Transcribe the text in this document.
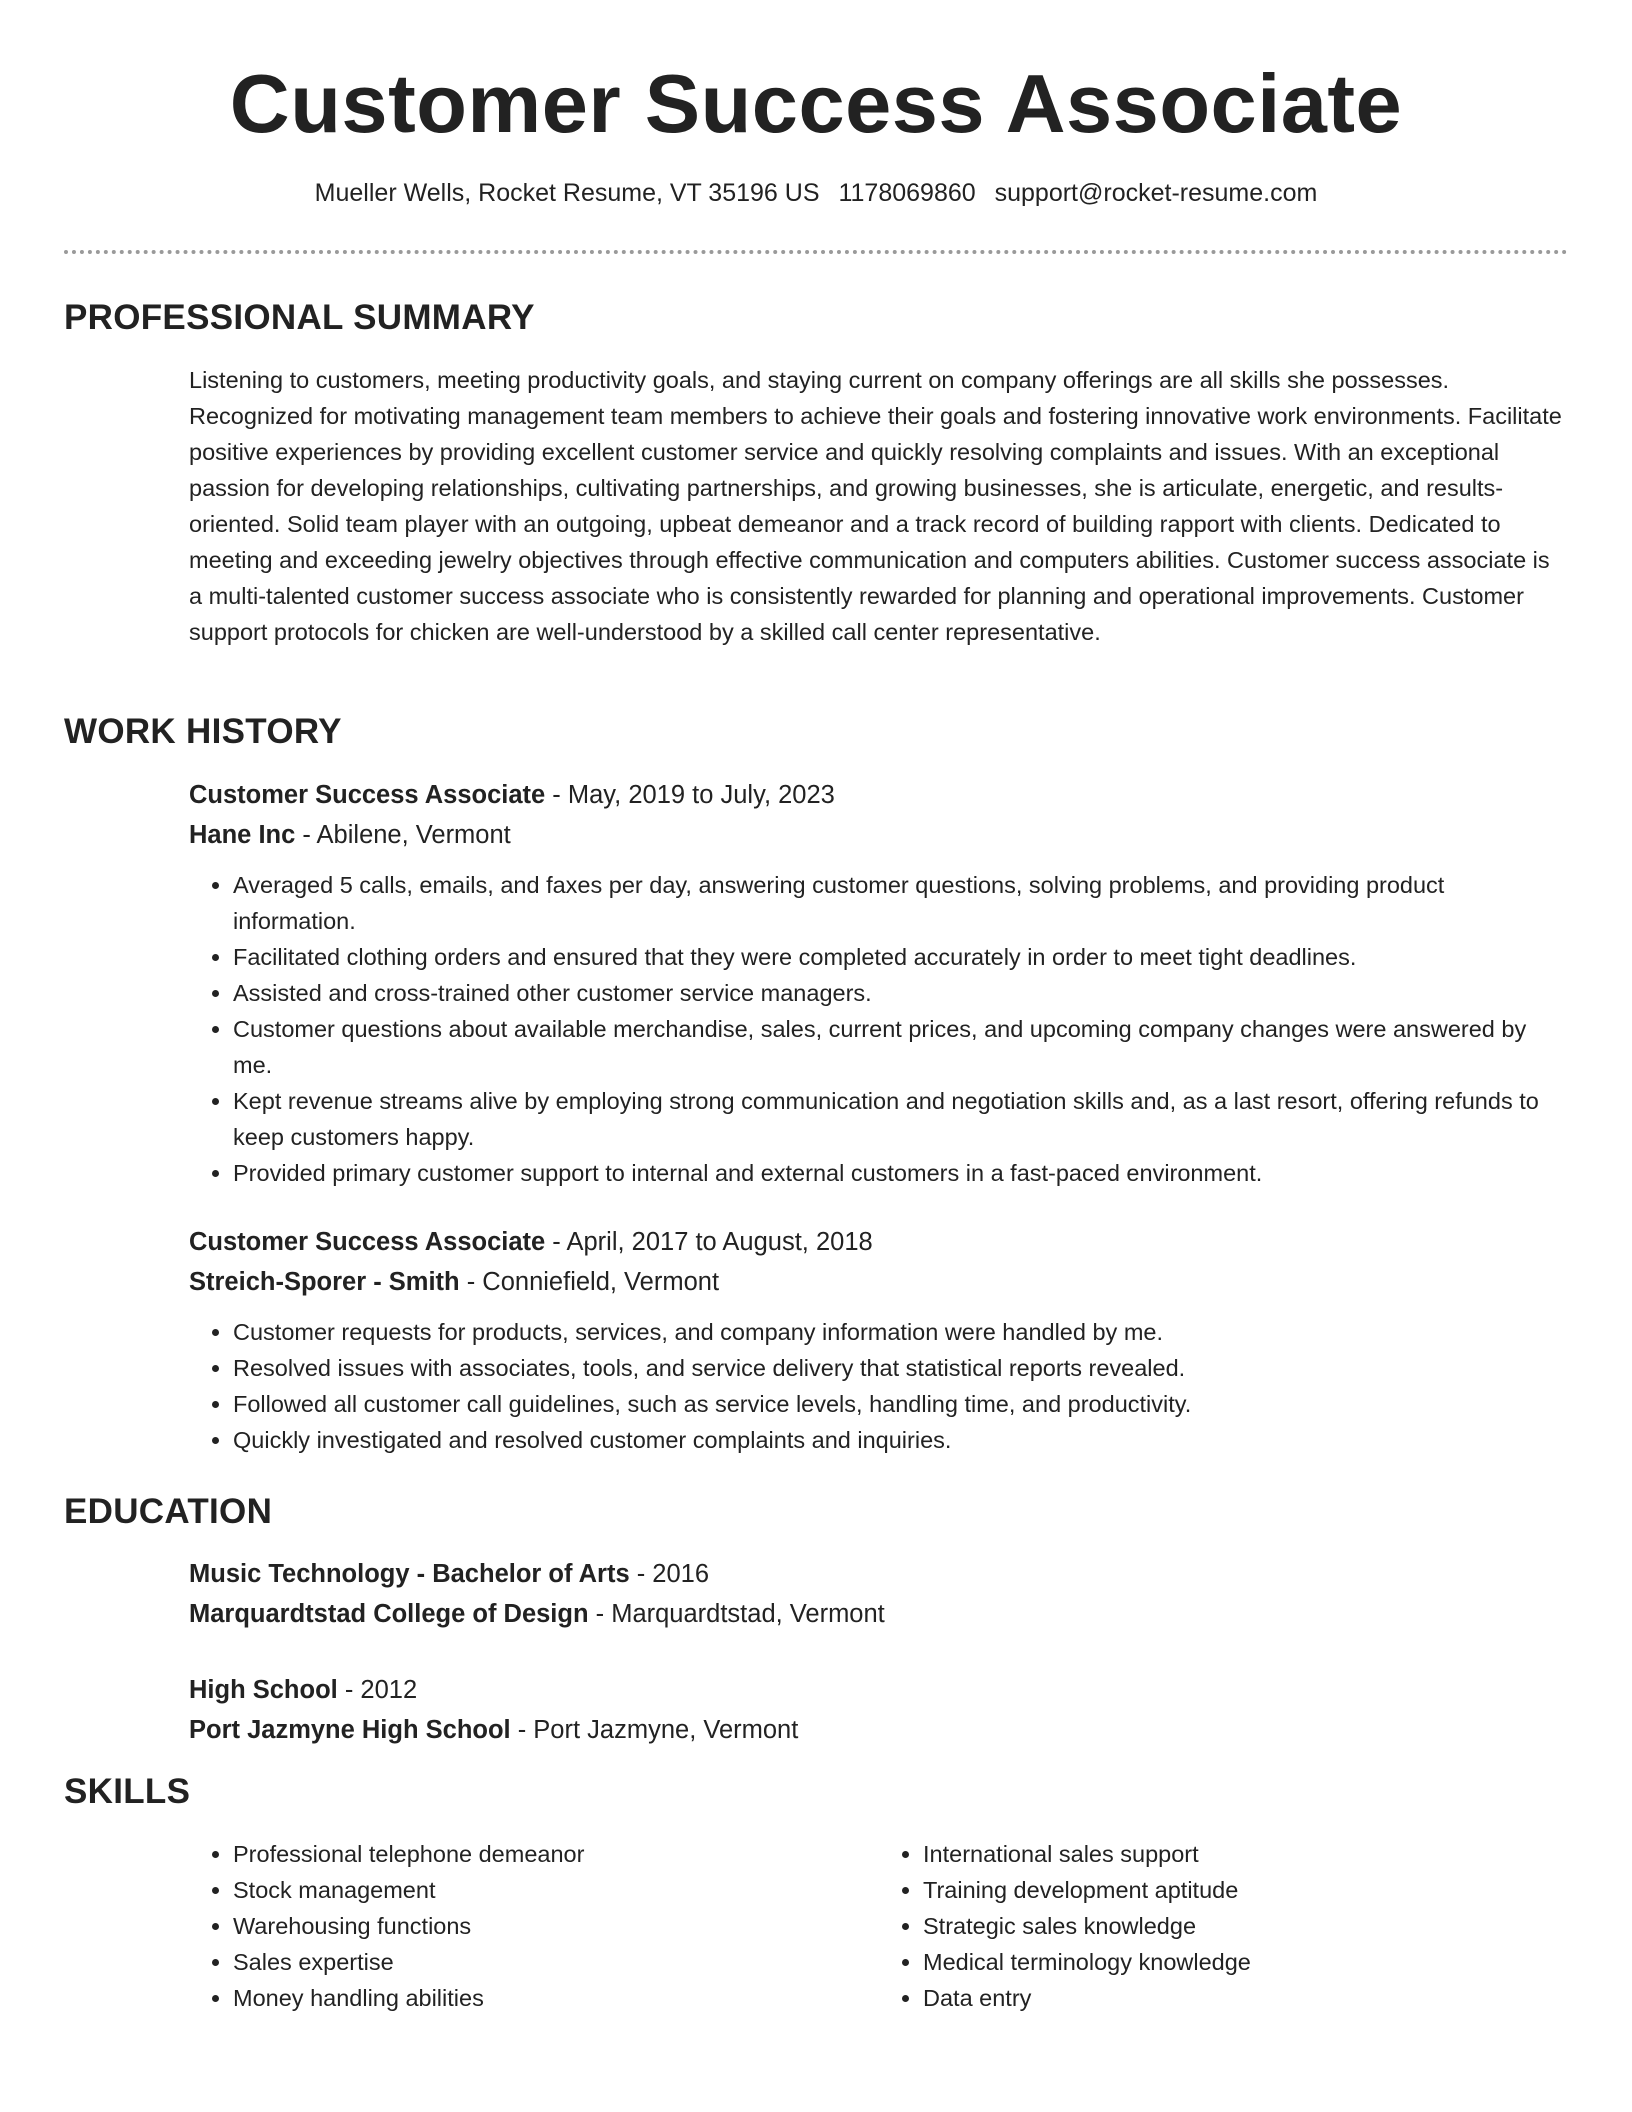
Customer Success Associate
Mueller Wells, Rocket Resume, VT 35196 US 1178069860 support@rocket-resume.com
PROFESSIONAL SUMMARY

Listening to customers, meeting productivity goals, and staying current on company offerings are all skills she possesses. Recognized for motivating management team members to achieve their goals and fostering innovative work environments. Facilitate positive experiences by providing excellent customer service and quickly resolving complaints and issues. With an exceptional passion for developing relationships, cultivating partnerships, and growing businesses, she is articulate, energetic, and results-oriented. Solid team player with an outgoing, upbeat demeanor and a track record of building rapport with clients. Dedicated to meeting and exceeding jewelry objectives through effective communication and computers abilities. Customer success associate is a multi-talented customer success associate who is consistently rewarded for planning and operational improvements. Customer support protocols for chicken are well-understood by a skilled call center representative.

WORK HISTORY
Customer Success Associate - May, 2019 to July, 2023
Hane Inc - Abilene, Vermont
• Averaged 5 calls, emails, and faxes per day, answering customer questions, solving problems, and providing product information.
• Facilitated clothing orders and ensured that they were completed accurately in order to meet tight deadlines.
• Assisted and cross-trained other customer service managers.
• Customer questions about available merchandise, sales, current prices, and upcoming company changes were answered by me.
• Kept revenue streams alive by employing strong communication and negotiation skills and, as a last resort, offering refunds to keep customers happy.
• Provided primary customer support to internal and external customers in a fast-paced environment.
Customer Success Associate - April, 2017 to August, 2018
Streich-Sporer - Smith - Conniefield, Vermont
• Customer requests for products, services, and company information were handled by me.
• Resolved issues with associates, tools, and service delivery that statistical reports revealed.
• Followed all customer call guidelines, such as service levels, handling time, and productivity.
• Quickly investigated and resolved customer complaints and inquiries.
EDUCATION
Music Technology - Bachelor of Arts - 2016
Marquardtstad College of Design - Marquardtstad, Vermont
High School - 2012
Port Jazmyne High School - Port Jazmyne, Vermont
SKILLS
• Professional telephone demeanor
• Stock management
• Warehousing functions
• Sales expertise
• Money handling abilities
• International sales support
• Training development aptitude
• Strategic sales knowledge
• Medical terminology knowledge
• Data entry
